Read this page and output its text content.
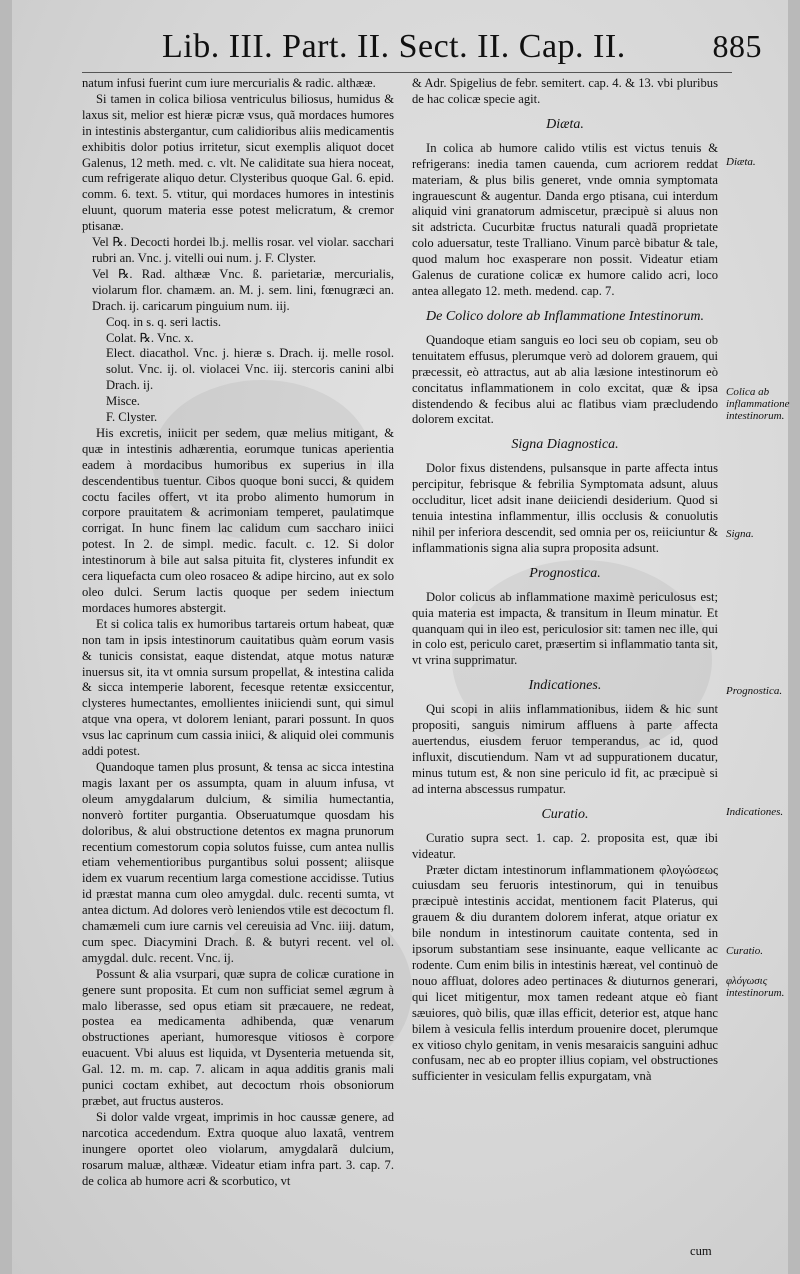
Lib. III. Part. II. Sect. II. Cap. II.	885

natum infusi fuerint cum iure mercurialis & radic. althææ.

Si tamen in colica biliosa ventriculus biliosus, humidus & laxus sit, melior est hieræ picræ vsus, quã mordaces humores in intestinis abstergantur, cum calidioribus aliis medicamentis exhibitis dolor potius irritetur, sicut exemplis aliquot docet Galenus, 12 meth. med. c. vlt. Ne caliditate sua hiera noceat, cum refrigerate aliquo detur. Clysteribus quoque Gal. 6. epid. comm. 6. text. 5. vtitur, qui mordaces humores in intestinis eluunt, quorum materia esse potest melicratum, & cremor ptisanæ.

Vel ℞. Decocti hordei lb.j. mellis rosar. vel violar. sacchari rubri an. Vnc. j. vitelli oui num. j. F. Clyster.

Vel ℞. Rad. althææ Vnc. ß. parietariæ, mercurialis, violarum flor. chamæm. an. M. j. sem. lini, fœnugræci an. Drach. ij. caricarum pinguium num. iij.

Coq. in s. q. seri lactis.

Colat. ℞. Vnc. x.

Elect. diacathol. Vnc. j. hieræ s. Drach. ij. melle rosol. solut. Vnc. ij. ol. violacei Vnc. iij. stercoris canini albi Drach. ij.

Misce.

F. Clyster.

His excretis, iniicit per sedem, quæ melius mitigant, & quæ in intestinis adhærentia, eorumque tunicas aperientia eadem à mordacibus humoribus ex superius in illa descendentibus tuentur. Cibos quoque boni succi, & quidem coctu faciles offert, vt ita probo alimento humorum in corpore prauitatem & acrimoniam temperet, paulatimque corrigat. In hunc finem lac calidum cum saccharo iniici potest. In 2. de simpl. medic. facult. c. 12. Si dolor intestinorum à bile aut salsa pituita fit, clysteres infundit ex cera liquefacta cum oleo rosaceo & adipe hircino, aut ex solo oleo dulci. Serum lactis quoque per sedem iniectum mordaces humores abstergit.

Et si colica talis ex humoribus tartareis ortum habeat, quæ non tam in ipsis intestinorum cauitatibus quàm eorum vasis & tunicis consistat, eaque distendat, atque motus naturæ inuersus sit, ita vt omnia sursum propellat, & intestina calida & sicca intemperie laborent, fecesque retentæ exsiccentur, clysteres humectantes, emollientes iniiciendi sunt, qui simul atque vna opera, vt dolorem leniant, parari possunt. In quos vsus lac caprinum cum cassia iniici, & aliquid olei communis addi potest.

Quandoque tamen plus prosunt, & tensa ac sicca intestina magis laxant per os assumpta, quam in aluum infusa, vt oleum amygdalarum dulcium, & similia humectantia, nonverò fortiter purgantia. Obseruatumque quosdam his doloribus, & alui obstructione detentos ex magna prunorum recentium comestorum copia solutos fuisse, cum antea nullis etiam vehementioribus purgantibus solui possent; aliisque idem ex vuarum recentium larga comestione accidisse. Tutius id præstat manna cum oleo amygdal. dulc. recenti sumta, vt antea dictum. Ad dolores verò leniendos vtile est decoctum fl. chamæmeli cum iure carnis vel cereuisia ad Vnc. iiij. datum, cum spec. Diacymini Drach. ß. & butyri recent. vel ol. amygdal. dulc. recent. Vnc. ij.

Possunt & alia vsurpari, quæ supra de colicæ curatione in genere sunt proposita. Et cum non sufficiat semel ægrum à malo liberasse, sed opus etiam sit præcauere, ne redeat, postea ea medicamenta adhibenda, quæ venarum obstructiones aperiant, humoresque vitiosos è corpore euacuent. Vbi aluus est liquida, vt Dysenteria metuenda sit, Gal. 12. m. m. cap. 7. alicam in aqua additis granis mali punici coctam exhibet, aut decoctum rhois obsoniorum præbet, aut fructus austeros.

Si dolor valde vrgeat, imprimis in hoc caussæ genere, ad narcotica accedendum. Extra quoque aluo laxatâ, ventrem inungere oportet oleo violarum, amygdalarã dulcium, rosarum maluæ, althææ. Videatur etiam infra part. 3. cap. 7. de colica ab humore acri & scorbutico, vt

& Adr. Spigelius de febr. semitert. cap. 4. & 13. vbi pluribus de hac colicæ specie agit.

Diæta.

In colica ab humore calido vtilis est victus tenuis & refrigerans: inedia tamen cauenda, cum acriorem reddat materiam, & plus bilis generet, vnde omnia symptomata ingrauescunt & augentur. Danda ergo ptisana, cui interdum aliquid vini granatorum admiscetur, præcipuè si aluus non sit adstricta. Cucurbitæ fructus naturali quadã proprietate colo aduersatur, teste Tralliano. Vinum parcè bibatur & tale, quod malum hoc exasperare non possit. Videatur etiam Galenus de curatione colicæ ex humore calido acri, loco antea allegato 12. meth. medend. cap. 7.

De Colico dolore ab Inflammatione Intestinorum.

Quandoque etiam sanguis eo loci seu ob copiam, seu ob tenuitatem effusus, plerumque verò ad dolorem grauem, qui præcessit, eò attractus, aut ab alia læsione intestinorum eò concitatus inflammationem in colo excitat, quæ & ipsa distendendo & fecibus alui ac flatibus viam præcludendo dolorem excitat.

Signa Diagnostica.

Dolor fixus distendens, pulsansque in parte affecta intus percipitur, febrisque & febrilia Symptomata adsunt, aluus occluditur, licet adsit inane deiiciendi desiderium. Quod si tenuia intestina inflammentur, illis occlusis & conuolutis nihil per inferiora descendit, sed omnia per os, reiiciuntur & inflammationis signa alia supra proposita adsunt.

Prognostica.

Dolor colicus ab inflammatione maximè periculosus est; quia materia est impacta, & transitum in Ileum minatur. Et quanquam qui in ileo est, periculosior sit: tamen nec ille, qui in colo est, periculo caret, præsertim si inflammatio tanta sit, vt vrina supprimatur.

Indicationes.

Qui scopi in aliis inflammationibus, iidem & hic sunt propositi, sanguis nimirum affluens à parte affecta auertendus, eiusdem feruor temperandus, ac id, quod influxit, discutiendum. Nam vt ad suppurationem ducatur, minus tutum est, & non sine periculo id fit, ac præcipuè si ad interna abscessus rumpatur.

Curatio.

Curatio supra sect. 1. cap. 2. proposita est, quæ ibi videatur.

Præter dictam intestinorum inflammationem φλογώσεως cuiusdam seu feruoris intestinorum, qui in tenuibus præcipuè intestinis accidat, mentionem facit Platerus, qui grauem & diu durantem dolorem inferat, atque oriatur ex bile nondum in intestinorum cauitate contenta, sed in ipsorum substantiam sese insinuante, eaque vellicante ac rodente. Cum enim bilis in intestinis hæreat, vel continuò de nouo affluat, dolores adeo pertinaces & diuturnos generari, qui licet mitigentur, mox tamen redeant atque eò fiant sæuiores, quò bilis, quæ illas efficit, deterior est, atque hanc bilem à vesicula fellis interdum prouenire docet, plerumque ex vitioso chylo genitam, in venis mesaraicis sanguini adhuc confusam, nec ab eo propter illius copiam, vel obstructiones sufficienter in vesiculam fellis expurgatam, vnà

Diæta.
Colica ab inflammatione intestinorum.
Signa.
Prognostica.
Indicationes.
Curatio.
φλόγωσις intestinorum.
cum
